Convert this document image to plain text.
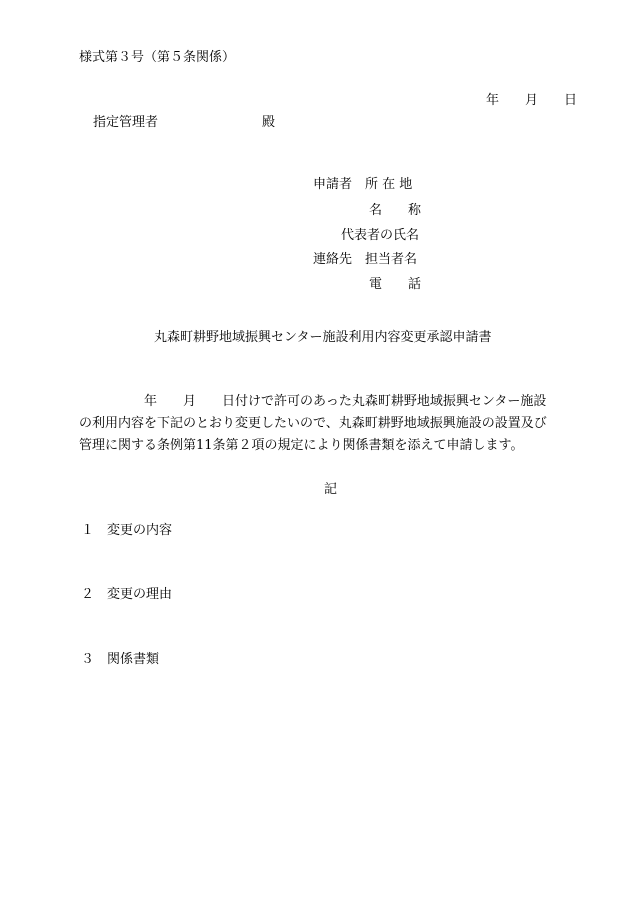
様式第３号（第５条関係）
年　　月　　日
指定管理者　　　　　　　　殿
申請者　所 在 地
名　　称
代表者の氏名
連絡先　担当者名
電　　話
丸森町耕野地域振興センター施設利用内容変更承認申請書
　　　　　年　　月　　日付けで許可のあった丸森町耕野地域振興センター施設
の利用内容を下記のとおり変更したいので、丸森町耕野地域振興施設の設置及び
管理に関する条例第11条第２項の規定により関係書類を添えて申請します。
記
１　変更の内容
２　変更の理由
３　関係書類
